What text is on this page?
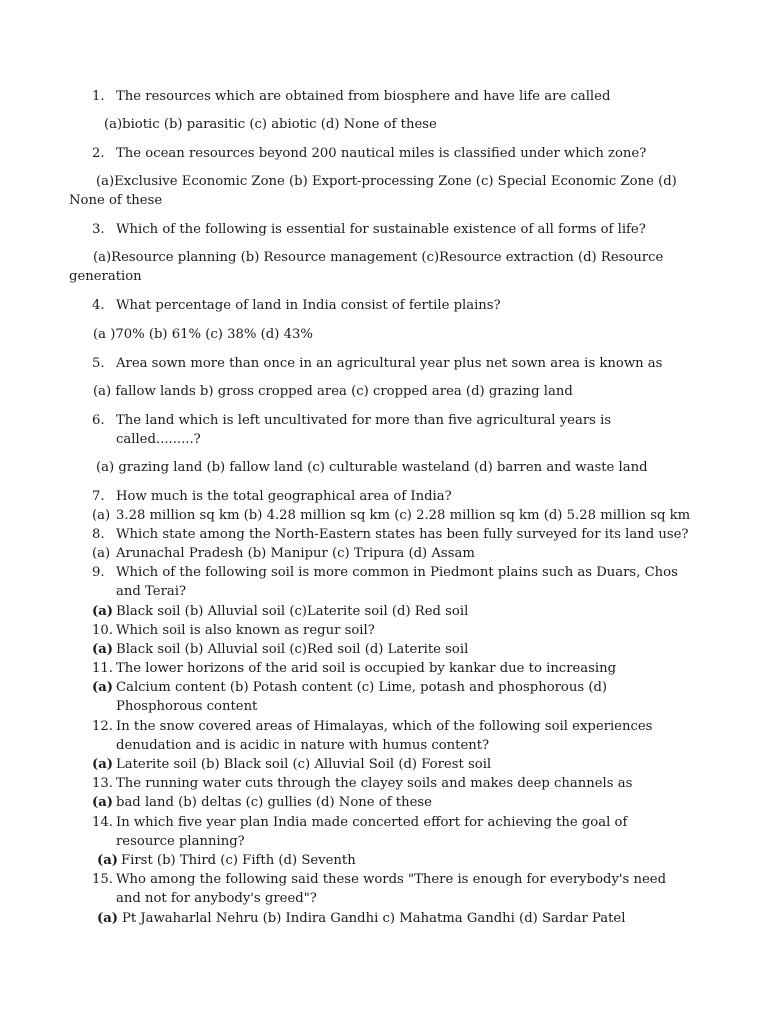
1. The resources which are obtained from biosphere and have life are called
(a)biotic (b) parasitic (c) abiotic (d) None of these
2. The ocean resources beyond 200 nautical miles is classified under which zone?
(a)Exclusive Economic Zone (b) Export-processing Zone (c) Special Economic Zone (d)
None of these
3. Which of the following is essential for sustainable existence of all forms of life?
(a)Resource planning (b) Resource management (c)Resource extraction (d) Resource
generation
4. What percentage of land in India consist of fertile plains?
(a )70% (b) 61% (c) 38% (d) 43%
5. Area sown more than once in an agricultural year plus net sown area is known as
(a) fallow lands b) gross cropped area (c) cropped area (d) grazing land
6. The land which is left uncultivated for more than five agricultural years is
called.........?
(a) grazing land (b) fallow land (c) culturable wasteland (d) barren and waste land
7. How much is the total geographical area of India?
(a) 3.28 million sq km (b) 4.28 million sq km (c) 2.28 million sq km (d) 5.28 million sq km
8. Which state among the North-Eastern states has been fully surveyed for its land use?
(a) Arunachal Pradesh (b) Manipur (c) Tripura (d) Assam
9. Which of the following soil is more common in Piedmont plains such as Duars, Chos
and Terai?
(a) Black soil (b) Alluvial soil (c)Laterite soil (d) Red soil
10. Which soil is also known as regur soil?
(a) Black soil (b) Alluvial soil (c)Red soil (d) Laterite soil
11. The lower horizons of the arid soil is occupied by kankar due to increasing
(a) Calcium content (b) Potash content (c) Lime, potash and phosphorous (d)
Phosphorous content
12. In the snow covered areas of Himalayas, which of the following soil experiences
denudation and is acidic in nature with humus content?
(a) Laterite soil (b) Black soil (c) Alluvial Soil (d) Forest soil
13. The running water cuts through the clayey soils and makes deep channels as
(a) bad land (b) deltas (c) gullies (d) None of these
14. In which five year plan India made concerted effort for achieving the goal of
resource planning?
(a) First (b) Third (c) Fifth (d) Seventh
15. Who among the following said these words "There is enough for everybody's need
and not for anybody's greed"?
(a) Pt Jawaharlal Nehru (b) Indira Gandhi c) Mahatma Gandhi (d) Sardar Patel
